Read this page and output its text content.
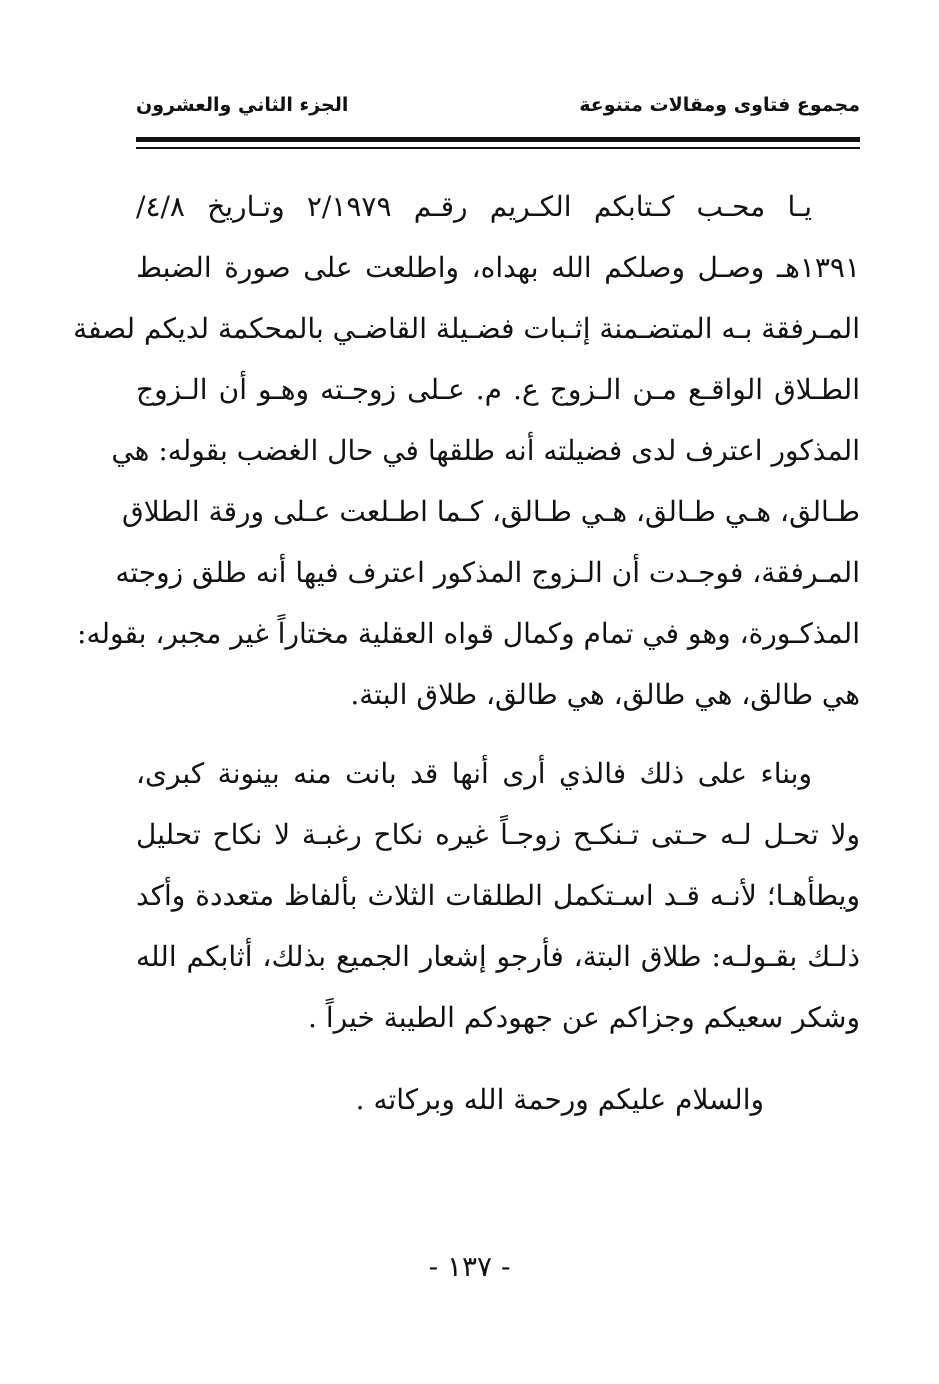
مجموع فتاوى ومقالات متنوعة
الجزء الثاني والعشرون
يـا محـب كـتابكم الكـريم رقـم ٢/١٩٧٩ وتـاريخ ٤/٨/
١٣٩١هـ وصـل وصلكم الله بهداه، واطلعت على صورة الضبط
المـرفقة بـه المتضـمنة إثـبات فضـيلة القاضـي بالمحكمة لديكم لصفة
الطـلاق الواقـع مـن الـزوج ع. م. عـلى زوجـته وهـو أن الـزوج
المذكور اعترف لدى فضيلته أنه طلقها في حال الغضب بقوله: هي
طـالق، هـي طـالق، هـي طـالق، كـما اطـلعت عـلى ورقة الطلاق
المـرفقة، فوجـدت أن الـزوج المذكور اعترف فيها أنه طلق زوجته
المذكـورة، وهو في تمام وكمال قواه العقلية مختاراً غير مجبر، بقوله:
هي طالق، هي طالق، هي طالق، طلاق البتة.
وبناء على ذلك فالذي أرى أنها قد بانت منه بينونة كبرى،
ولا تحـل لـه حـتى تـنكـح زوجـاً غيره نكاح رغبـة لا نكاح تحليل
ويطأهـا؛ لأنـه قـد اسـتكمل الطلقات الثلاث بألفاظ متعددة وأكد
ذلـك بقـولـه: طلاق البتة، فأرجو إشعار الجميع بذلك، أثابكم الله
وشكر سعيكم وجزاكم عن جهودكم الطيبة خيراً .
والسلام عليكم ورحمة الله وبركاته .
- ١٣٧ -
